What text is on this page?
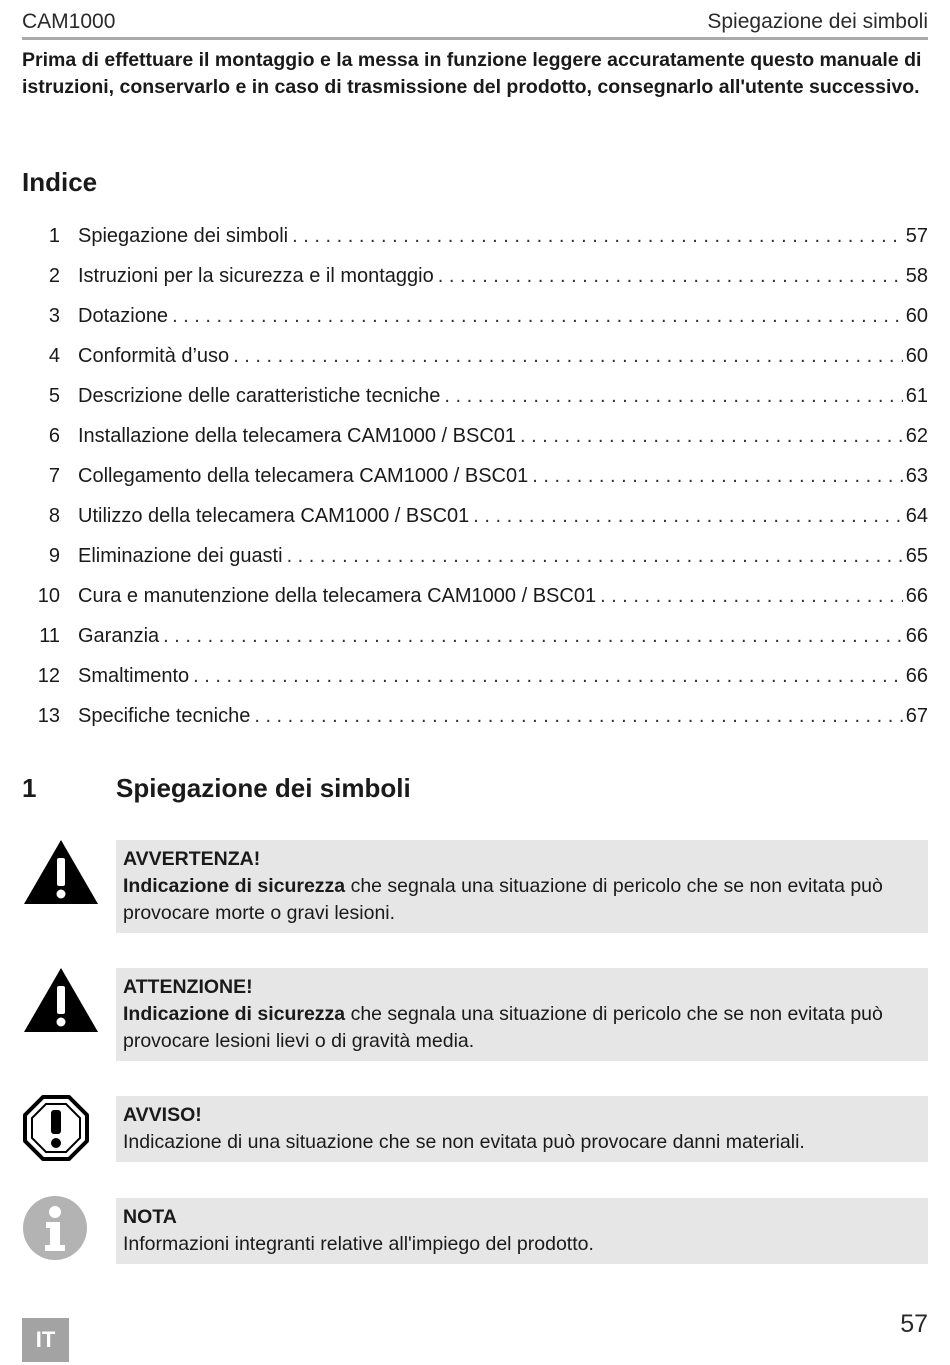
CAM1000	Spiegazione dei simboli

Prima di effettuare il montaggio e la messa in funzione leggere accuratamente questo manuale di istruzioni, conservarlo e in caso di trasmissione del prodotto, consegnarlo all'utente successivo.

Indice
1 Spiegazione dei simboli . . .	57
2 Istruzioni per la sicurezza e il montaggio . . .	58
3 Dotazione . . .	60
4 Conformità d’uso . . .	60
5 Descrizione delle caratteristiche tecniche . . .	61
6 Installazione della telecamera CAM1000 / BSC01 . . .	62
7 Collegamento della telecamera CAM1000 / BSC01 . . .	63
8 Utilizzo della telecamera CAM1000 / BSC01 . . .	64
9 Eliminazione dei guasti . . .	65
10 Cura e manutenzione della telecamera CAM1000 / BSC01 . . .	66
11 Garanzia . . .	66
12 Smaltimento . . .	66
13 Specifiche tecniche . . .	67
1	Spiegazione dei simboli
AVVERTENZA!
Indicazione di sicurezza che segnala una situazione di pericolo che se non evitata può provocare morte o gravi lesioni.
ATTENZIONE!
Indicazione di sicurezza che segnala una situazione di pericolo che se non evitata può provocare lesioni lievi o di gravità media.
AVVISO!
Indicazione di una situazione che se non evitata può provocare danni materiali.
NOTA
Informazioni integranti relative all'impiego del prodotto.
IT
57
